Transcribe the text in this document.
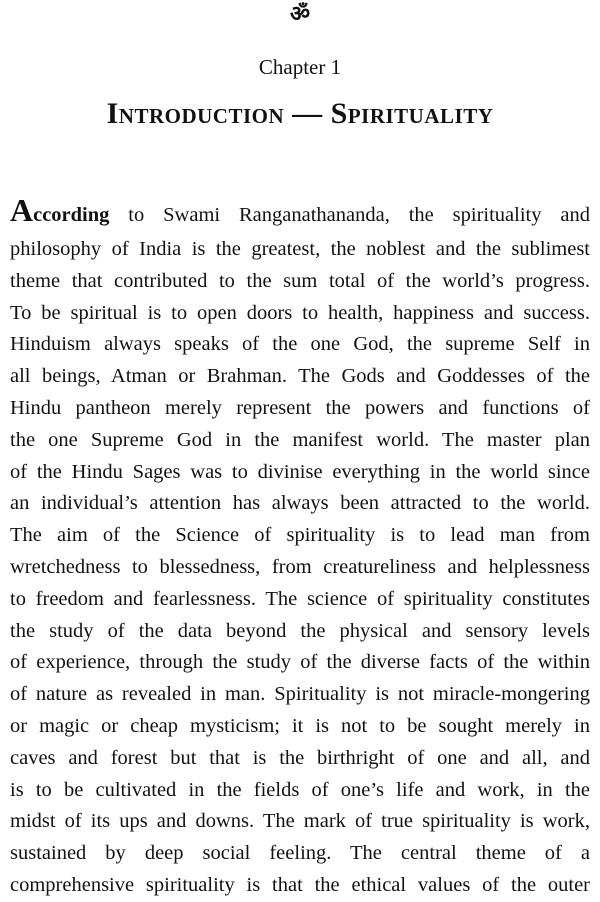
ॐ
Chapter 1
Introduction — Spirituality
According to Swami Ranganathananda, the spirituality and
philosophy of India is the greatest, the noblest and the sublimest
theme that contributed to the sum total of the world’s progress.
To be spiritual is to open doors to health, happiness and success.
Hinduism always speaks of the one God, the supreme Self in
all beings, Atman or Brahman. The Gods and Goddesses of the
Hindu pantheon merely represent the powers and functions of
the one Supreme God in the manifest world. The master plan
of the Hindu Sages was to divinise everything in the world since
an individual’s attention has always been attracted to the world.
The aim of the Science of spirituality is to lead man from
wretchedness to blessedness, from creatureliness and helplessness
to freedom and fearlessness. The science of spirituality constitutes
the study of the data beyond the physical and sensory levels
of experience, through the study of the diverse facts of the within
of nature as revealed in man. Spirituality is not miracle-mongering
or magic or cheap mysticism; it is not to be sought merely in
caves and forest but that is the birthright of one and all, and
is to be cultivated in the fields of one’s life and work, in the
midst of its ups and downs. The mark of true spirituality is work,
sustained by deep social feeling. The central theme of a
comprehensive spirituality is that the ethical values of the outer
